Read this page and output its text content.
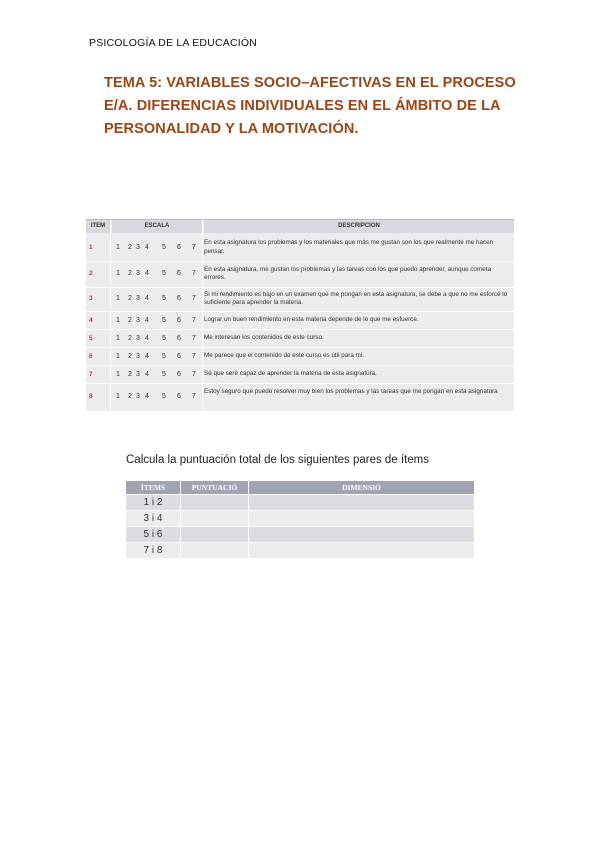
PSICOLOGÍA DE LA EDUCACIÓN
TEMA 5: VARIABLES SOCIO–AFECTIVAS EN EL PROCESO
E/A. DIFERENCIAS INDIVIDUALES EN EL ÁMBITO DE LA
PERSONALIDAD Y LA MOTIVACIÓN.
ITEM	ESCALA	DESCRIPCION
1	1 2 3 4 5 6 7
En esta asignatura los problemas y los materiales que más me gustan son los que realmente me hacen pensar.
2	1 2 3 4 5 6 7
En esta asignatura, me gustan los problemas y las tareas con los que puedo aprender, aunque cometa errores.
3	1 2 3 4 5 6 7
Si mi rendimiento es bajo en un examen que me pongan en esta asignatura, se debe a que no me esforcé lo suficiente para aprender la materia.
4	1 2 3 4 5 6 7 Lograr un buen rendimiento en esta materia depende de lo que me esfuerce.
5	1 2 3 4 5 6 7 Me interesan los contenidos de este curso.
6	1 2 3 4 5 6 7 Me parece que el contenido de este curso es útil para mi.
7	1 2 3 4 5 6 7 Sé que seré capaz de aprender la materia de esta asignatura.
8	1 2 3 4 5 6 7
Estoy seguro que puedo resolver muy bien los problemas y las tareas que me pongan en esta asignatura
Calcula la puntuación total de los siguientes pares de ítems
ÍTEMS	PUNTUACIÓ	DIMENSIÓ
1 i 2		
3 i 4		
5 i 6		
7 i 8		
